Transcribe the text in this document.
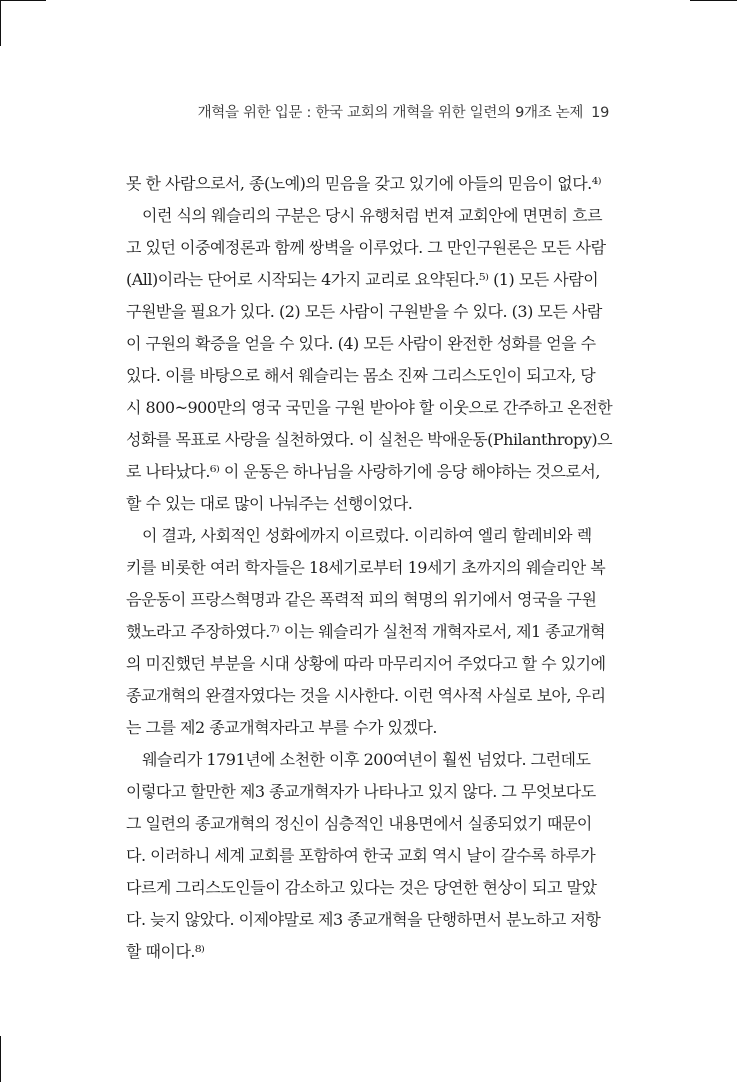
개혁을 위한 입문 : 한국 교회의 개혁을 위한 일련의 9개조 논제 19
못 한 사람으로서, 종(노예)의 믿음을 갖고 있기에 아들의 믿음이 없다.⁴⁾
이런 식의 웨슬리의 구분은 당시 유행처럼 번져 교회안에 면면히 흐르
고 있던 이중예정론과 함께 쌍벽을 이루었다. 그 만인구원론은 모든 사람
(All)이라는 단어로 시작되는 4가지 교리로 요약된다.⁵⁾ (1) 모든 사람이
구원받을 필요가 있다. (2) 모든 사람이 구원받을 수 있다. (3) 모든 사람
이 구원의 확증을 얻을 수 있다. (4) 모든 사람이 완전한 성화를 얻을 수
있다. 이를 바탕으로 해서 웨슬리는 몸소 진짜 그리스도인이 되고자, 당
시 800~900만의 영국 국민을 구원 받아야 할 이웃으로 간주하고 온전한
성화를 목표로 사랑을 실천하였다. 이 실천은 박애운동(Philanthropy)으
로 나타났다.⁶⁾ 이 운동은 하나님을 사랑하기에 응당 해야하는 것으로서,
할 수 있는 대로 많이 나눠주는 선행이었다.
이 결과, 사회적인 성화에까지 이르렀다. 이리하여 엘리 할레비와 렉
키를 비롯한 여러 학자들은 18세기로부터 19세기 초까지의 웨슬리안 복
음운동이 프랑스혁명과 같은 폭력적 피의 혁명의 위기에서 영국을 구원
했노라고 주장하였다.⁷⁾ 이는 웨슬리가 실천적 개혁자로서, 제1 종교개혁
의 미진했던 부분을 시대 상황에 따라 마무리지어 주었다고 할 수 있기에
종교개혁의 완결자였다는 것을 시사한다. 이런 역사적 사실로 보아, 우리
는 그를 제2 종교개혁자라고 부를 수가 있겠다.
웨슬리가 1791년에 소천한 이후 200여년이 훨씬 넘었다. 그런데도
이렇다고 할만한 제3 종교개혁자가 나타나고 있지 않다. 그 무엇보다도
그 일련의 종교개혁의 정신이 심층적인 내용면에서 실종되었기 때문이
다. 이러하니 세계 교회를 포함하여 한국 교회 역시 날이 갈수록 하루가
다르게 그리스도인들이 감소하고 있다는 것은 당연한 현상이 되고 말았
다. 늦지 않았다. 이제야말로 제3 종교개혁을 단행하면서 분노하고 저항
할 때이다.⁸⁾
